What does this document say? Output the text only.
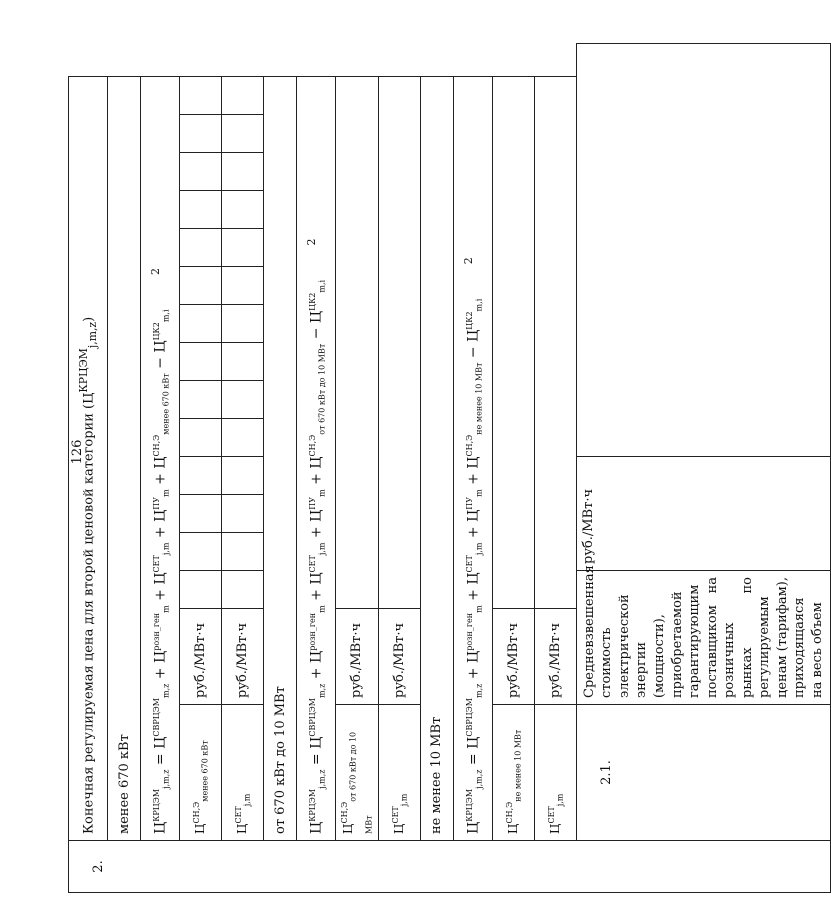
126
2.	Конечная регулируемая цена для второй ценовой категории $(Ц^{КРЦЭМ}_{j,m,z})$															
	менее 670 кВт															
	$Ц^{КРЦЭМ}_{j,m,z} = Ц^{СВРЦЭМ}_{m,z} + Ц^{розн\_ген}_m + Ц^{СЕТ}_{j,m} + Ц^{ПУ}_m + Ц^{СН,Э}_{менее 670 кВт} - Ц^{ЦК2}_{m,i}$ 2															
	$Ц^{СН,Э}_{менее 670 кВт}$	руб./МВт·ч														
	$Ц^{СЕТ}_{j,m}$	руб./МВт·ч														
	от 670 кВт до 10 МВт															
	$Ц^{КРЦЭМ}_{j,m,z} = Ц^{СВРЦЭМ}_{m,z} + Ц^{розн\_ген}_m + Ц^{СЕТ}_{j,m} + Ц^{ПУ}_m + Ц^{СН,Э}_{от 670 кВт до 10 МВт} - Ц^{ЦК2}_{m,i}$ 2															
	$Ц^{СН,Э}_{от 670 кВт до 10 МВт}$	руб./МВт·ч														
	$Ц^{СЕТ}_{j,m}$	руб./МВт·ч														
	не менее 10 МВт															
	$Ц^{КРЦЭМ}_{j,m,z} = Ц^{СВРЦЭМ}_{m,z} + Ц^{розн\_ген}_m + Ц^{СЕТ}_{j,m} + Ц^{ПУ}_m + Ц^{СН,Э}_{не менее 10 МВт} - Ц^{ЦК2}_{m,i}$ 2															
	$Ц^{СН,Э}_{не менее 10 МВт}$	руб./МВт·ч														
	$Ц^{СЕТ}_{j,m}$	руб./МВт·ч														
	2.1.	Средневзвешенная стоимость электрической энергии (мощности), приобретаемой гарантирующим поставщиком на розничных рынках по регулируемым ценам (тарифам), приходящаяся на весь объем		руб./МВт·ч												
